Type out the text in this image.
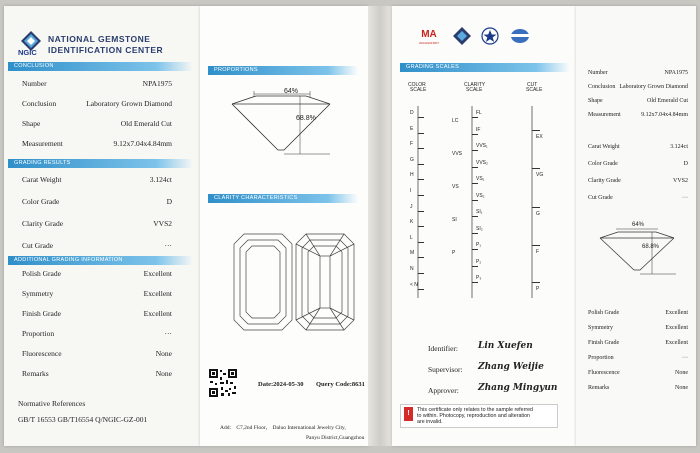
NGIC
NATIONAL GEMSTONE
IDENTIFICATION CENTER
CONCLUSION
Number	NPA1975
Conclusion	Laboratory Grown Diamond
Shape	Old Emerald Cut
Measurement	9.12x7.04x4.84mm
GRADING RESULTS
Carat Weight	3.124ct
Color Grade	D
Clarity Grade	VVS2
Cut Grade	···
ADDITIONAL GRADING INFORMATION
Polish Grade	Excellent
Symmetry	Excellent
Finish Grade	Excellent
Proportion	···
Fluorescence	None
Remarks	None
Normative References
GB/T 16553 GB/T16554 Q/NGIC-GZ-001
PROPORTIONS
64%
68.8%
CLARITY CHARACTERISTICS
Date:2024-05-30 Query Code:8631
Add： C7,2nd Floor， Daluo International Jewelry City,
Panyu District,Guangzhou
MA
202419013607
GRADING SCALES
COLOR
SCALE
CLARITY
SCALE
CUT
SCALE
D
E
F
G
H
I
J
K
L
M
N
< N
FL
IF
VVS₁
VVS₂
VS₁
VS₂
SI₁
SI₂
P₁
P₂
P₃
LC
VVS
VS
SI
P
EX
VG
G
F
P
Identifier: Lin Xuefen
Supervisor: Zhang Weijie
Approver: Zhang Mingyun
!	This certificate only relates to the sample referred
to within. Photocopy, reproduction and alteration
are invalid.
Number	NPA1975
Conclusion Laboratory Grown Diamond
Shape	Old Emerald Cut
Measurement	9.12x7.04x4.84mm
Carat Weight	3.124ct
Color Grade	D
Clarity Grade	VVS2
Cut Grade	···
64%
68.8%
Polish Grade	Excellent
Symmetry	Excellent
Finish Grade	Excellent
Proportion	···
Fluorescence	None
Remarks	None
